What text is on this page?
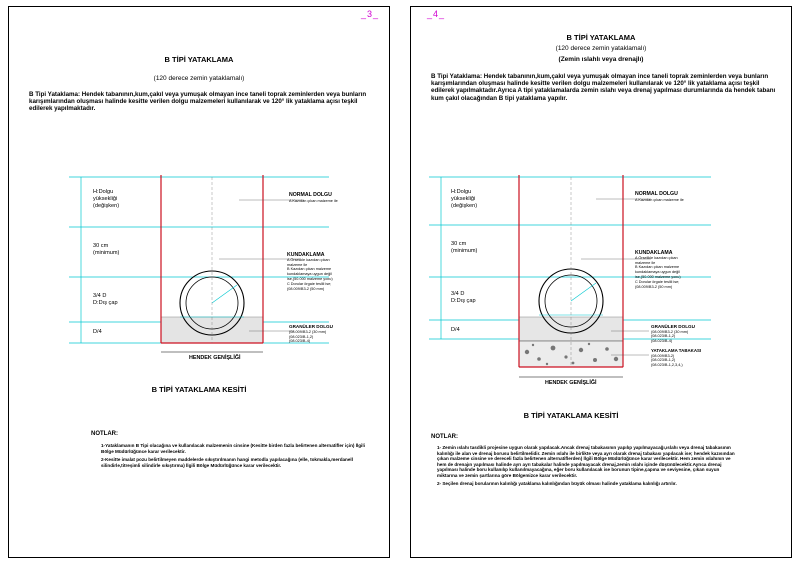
_3_

B TİPİ YATAKLAMA

(120 derece zemin yataklamalı)

B Tipi Yataklama: Hendek tabanının,kum,çakıl veya yumuşak olmayan ince taneli toprak zeminlerden veya bunların karışımlarından oluşması halinde kesitte verilen dolgu malzemeleri kullanılarak ve 120° lik yataklama açısı teşkil edilerek yapılmaktadır.

H:Dolgu
yüksekliği
(değişken)
30 cm
(minimum)
3/4 D
D:Dış çap
D/4
NORMAL DOLGU
A Kazıdan çıkan malzeme ile
KUNDAKLAMA
A Örselikle kazıdan çıkan
malzeme ile
B Kazıdan çıkan malzeme
kundaklamaya uygun değil
ise,(50.000 malzeme yoxu)
C Dorular örgaie teslili ise;
(08.009/B3-2 (50 mm)
GRANÜLER DOLGU
(08.009/B3-2 (30 mm)
(08.023/B-1,2)
(08.023/B-4)
HENDEK GENİŞLİĞİ

B TİPİ YATAKLAMA KESİTİ

NOTLAR:

1-Yataklamanın B Tipi olacağına ve kullanılacak malzemenin cinsine (Kesitte birden fazla belirtenen alternatifler için) İlgili Bölge Müdürlüğünce karar verilecektir.
2-Kesitte imalat pozu belirtilmeyen maddelerde sıkıştırılmanın hangi metodla yapılacağına (elle, tokmakla,merdanell silindirle,titreşimli silindirle sıkıştırma) İlgili Bölge Müdürlüğünce karar verilecektir.
_4_

B TİPİ YATAKLAMA

(120 derece zemin yataklamalı)

(Zemin ıslahlı veya drenajlı)

B Tipi Yataklama: Hendek tabanının,kum,çakıl veya yumuşak olmayan ince taneli toprak zeminlerden veya bunların karışımlarından oluşması halinde kesitte verilen dolgu malzemeleri kullanılarak ve 120° lik yataklama açısı teşkil edilerek yapılmaktadır.Ayrıca A tipi yataklamalarda zemin ıslahı veya drenaj yapılması durumlarında da hendek tabanı kum çakıl olacağından B tipi yataklama yapılır.

H:Dolgu
yüksekliği
(değişken)
30 cm
(minimum)
3/4 D
D:Dış çap
D/4
NORMAL DOLGU
A Kazıdan çıkan malzeme ile
KUNDAKLAMA
A Örselikle kazıdan çıkan
malzeme ile
B Kazıdan çıkan malzeme
kundaklamaya uygun değil
ise,(50.000 malzeme yoxu)
C Dorular örgaie teslili ise;
(08.009/B3-2 (50 mm)
GRANÜLER DOLGU
(08.009/B3-2 (30 mm)
(08.023/B-1,2)
(08.023/B-4)
YATAKLAMA TABAKASI
(08.009/B3-2)
(08.023/B-1,2)
(08.023/B-1,2,3,4,)
HENDEK GENİŞLİĞİ

B TİPİ YATAKLAMA KESİTİ

NOTLAR:

1- Zemin ıslahı tasdikli projesine uygun olarak yapılacak.Ancak drenaj tabakasının yapılıp yapılmayacağı,ıslahı veya drenaj tabakasının kalınlığı ile alan ve drenaj borusu belirtilmelidir. Zemin ıslahı ile birlikte veya ayrı olarak drenaj tabakası yapılacak ise; hendek kazısından çıkan malzeme cinsine ve dereceli fazla belirtenen alternatiflerden) İlgili Bölge Müdürlüğünce karar verilecektir. Hem zemin ıslahının ve hem de drenajın yapılması halinde ayrı ayrı tabakalar halinde yapılmayacak drenaj,zemin ıslahı içinde düşünülecektir.Ayrıca drenaj yapılması halinde boru kullanılıp kullanılmayacağına, eğer boru kullanılacak ise borunun tipine,çapına ve seviyesine, çıkan suyun miktarına ve zemin şartlarına göre Bölgemizce karar verilecektir.
2- Seçilen drenaj borularının kalınlığı yataklama kalınlığından büyük olması halinde yataklama kalınlığı artırılır.
